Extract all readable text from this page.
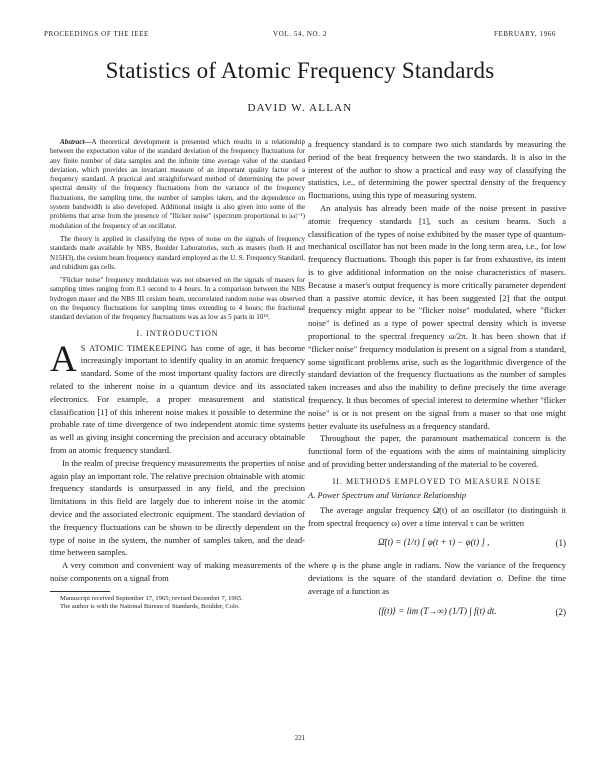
PROCEEDINGS OF THE IEEE	VOL. 54, NO. 2	FEBRUARY, 1966
Statistics of Atomic Frequency Standards
DAVID W. ALLAN

Abstract—A theoretical development is presented which results in a relationship between the expectation value of the standard deviation of the frequency fluctuations for any finite number of data samples and the infinite time average value of the standard deviation, which provides an invariant measure of an important quality factor of a frequency standard. A practical and straightforward method of determining the power spectral density of the frequency fluctuations from the variance of the frequency fluctuations, the sampling time, the number of samples taken, and the dependence on system bandwidth is also developed. Additional insight is also given into some of the problems that arise from the presence of "flicker noise" (spectrum proportional to |ω|⁻¹) modulation of the frequency of an oscillator.

The theory is applied in classifying the types of noise on the signals of frequency standards made available by NBS, Boulder Laboratories, such as masers (both H and N15H3), the cesium beam frequency standard employed as the U. S. Frequency Standard, and rubidium gas cells.

"Flicker noise" frequency modulation was not observed on the signals of masers for sampling times ranging from 0.1 second to 4 hours. In a comparison between the NBS hydrogen maser and the NBS III cesium beam, uncorrelated random noise was observed on the frequency fluctuations for sampling times extending to 4 hours; the fractional standard deviation of the frequency fluctuations was as low as 5 parts in 10¹⁴.

I. INTRODUCTION

A S ATOMIC TIMEKEEPING has come of age, it has become increasingly important to identify quality in an atomic frequency standard. Some of the most important quality factors are directly related to the inherent noise in a quantum device and its associated electronics. For example, a proper measurement and statistical classification [1] of this inherent noise makes it possible to determine the probable rate of time divergence of two independent atomic time systems as well as giving insight concerning the precision and accuracy obtainable from an atomic frequency standard.

In the realm of precise frequency measurements the properties of noise again play an important role. The relative precision obtainable with atomic frequency standards is unsurpassed in any field, and the precision limitations in this field are largely due to inherent noise in the atomic device and the associated electronic equipment. The standard deviation of the frequency fluctuations can be shown to be directly dependent on the type of noise in the system, the number of samples taken, and the dead-time between samples.

A very common and convenient way of making measurements of the noise components on a signal from

Manuscript received September 17, 1965; revised December 7, 1965.

The author is with the National Bureau of Standards, Boulder, Colo.

a frequency standard is to compare two such standards by measuring the period of the beat frequency between the two standards. It is also in the interest of the author to show a practical and easy way of classifying the statistics, i.e., of determining the power spectral density of the frequency fluctuations, using this type of measuring system.

An analysis has already been made of the noise present in passive atomic frequency standards [1], such as cesium beams. Such a classification of the types of noise exhibited by the maser type of quantum-mechanical oscillator has not been made in the long term area, i.e., for low frequency fluctuations. Though this paper is far from exhaustive, its intent is to give additional information on the noise characteristics of masers. Because a maser's output frequency is more critically parameter dependent than a passive atomic device, it has been suggested [2] that the output frequency might appear to be "flicker noise" modulated, where "flicker noise" is defined as a type of power spectral density which is inverse proportional to the spectral frequency ω/2π. It has been shown that if "flicker noise" frequency modulation is present on a signal from a standard, some significant problems arise, such as the logarithmic divergence of the standard deviation of the frequency fluctuations as the number of samples taken increases and also the inability to define precisely the time average frequency. It thus becomes of special interest to determine whether "flicker noise" is or is not present on the signal from a maser so that one might better evaluate its usefulness as a frequency standard.

Throughout the paper, the paramount mathematical concern is the functional form of the equations with the aims of maintaining simplicity and of providing better understanding of the material to be covered.

II. METHODS EMPLOYED TO MEASURE NOISE
A. Power Spectrum and Variance Relationship

The average angular frequency Ω̄(t) of an oscillator (to distinguish it from spectral frequency ω) over a time interval τ can be written

Ω̄(t) = (1/τ) [ φ(t + τ) − φ(t) ] ,	(1)

where φ is the phase angle in radians. Now the variance of the frequency deviations is the square of the standard deviation σ. Define the time average of a function as

⟨f(t)⟩ = lim (T→∞) (1/T) ∫ f(t) dt.	(2)
221
